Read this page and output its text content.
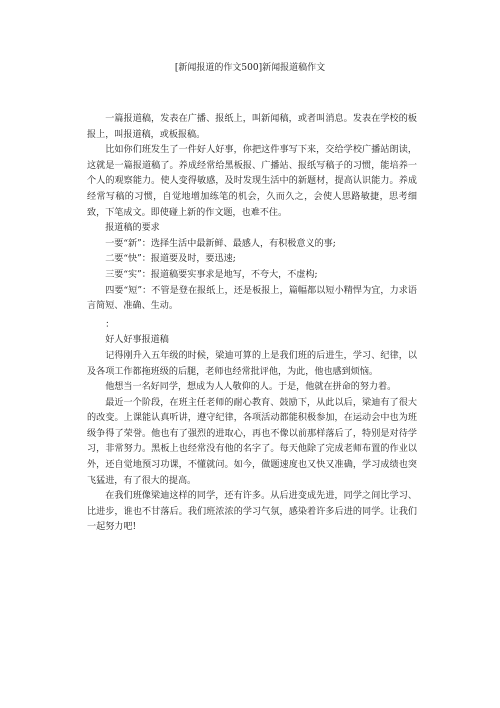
[新闻报道的作文500]新闻报道稿作文

一篇报道稿，发表在广播、报纸上，叫新闻稿，或者叫消息。发表在学校的板报上，叫报道稿，或板报稿。

比如你们班发生了一件好人好事，你把这件事写下来，交给学校广播站朗读，这就是一篇报道稿了。养成经常给黑板报、广播站、报纸写稿子的习惯，能培养一个人的观察能力。使人变得敏感，及时发现生活中的新题材，提高认识能力。养成经常写稿的习惯，自觉地增加练笔的机会，久而久之，会使人思路敏捷，思考细致，下笔成文。即使碰上新的作文题，也难不住。

报道稿的要求

一要“新”：选择生活中最新鲜、最感人，有积极意义的事;

二要“快”：报道要及时，要迅速;

三要“实”：报道稿要实事求是地写，不夸大，不虚构;

四要“短”：不管是登在报纸上，还是板报上，篇幅都以短小精悍为宜，力求语言简短、准确、生动。

：

好人好事报道稿

记得刚升入五年级的时候，梁迪可算的上是我们班的后进生，学习、纪律，以及各项工作都拖班级的后腿，老师也经常批评他，为此，他也感到烦恼。

他想当一名好同学，想成为人人敬仰的人。于是，他就在拼命的努力着。

最近一个阶段，在班主任老师的耐心教育、鼓励下，从此以后，梁迪有了很大的改变。上课能认真听讲，遵守纪律，各项活动都能积极参加，在运动会中也为班级争得了荣誉。他也有了强烈的进取心，再也不像以前那样落后了，特别是对待学习，非常努力。黑板上也经常没有他的名字了。每天他除了完成老师布置的作业以外，还自觉地预习功课，不懂就问。如今，做题速度也又快又准确，学习成绩也突飞猛进，有了很大的提高。

在我们班像梁迪这样的同学，还有许多。从后进变成先进，同学之间比学习、比进步，谁也不甘落后。我们班浓浓的学习气氛，感染着许多后进的同学。让我们一起努力吧!
